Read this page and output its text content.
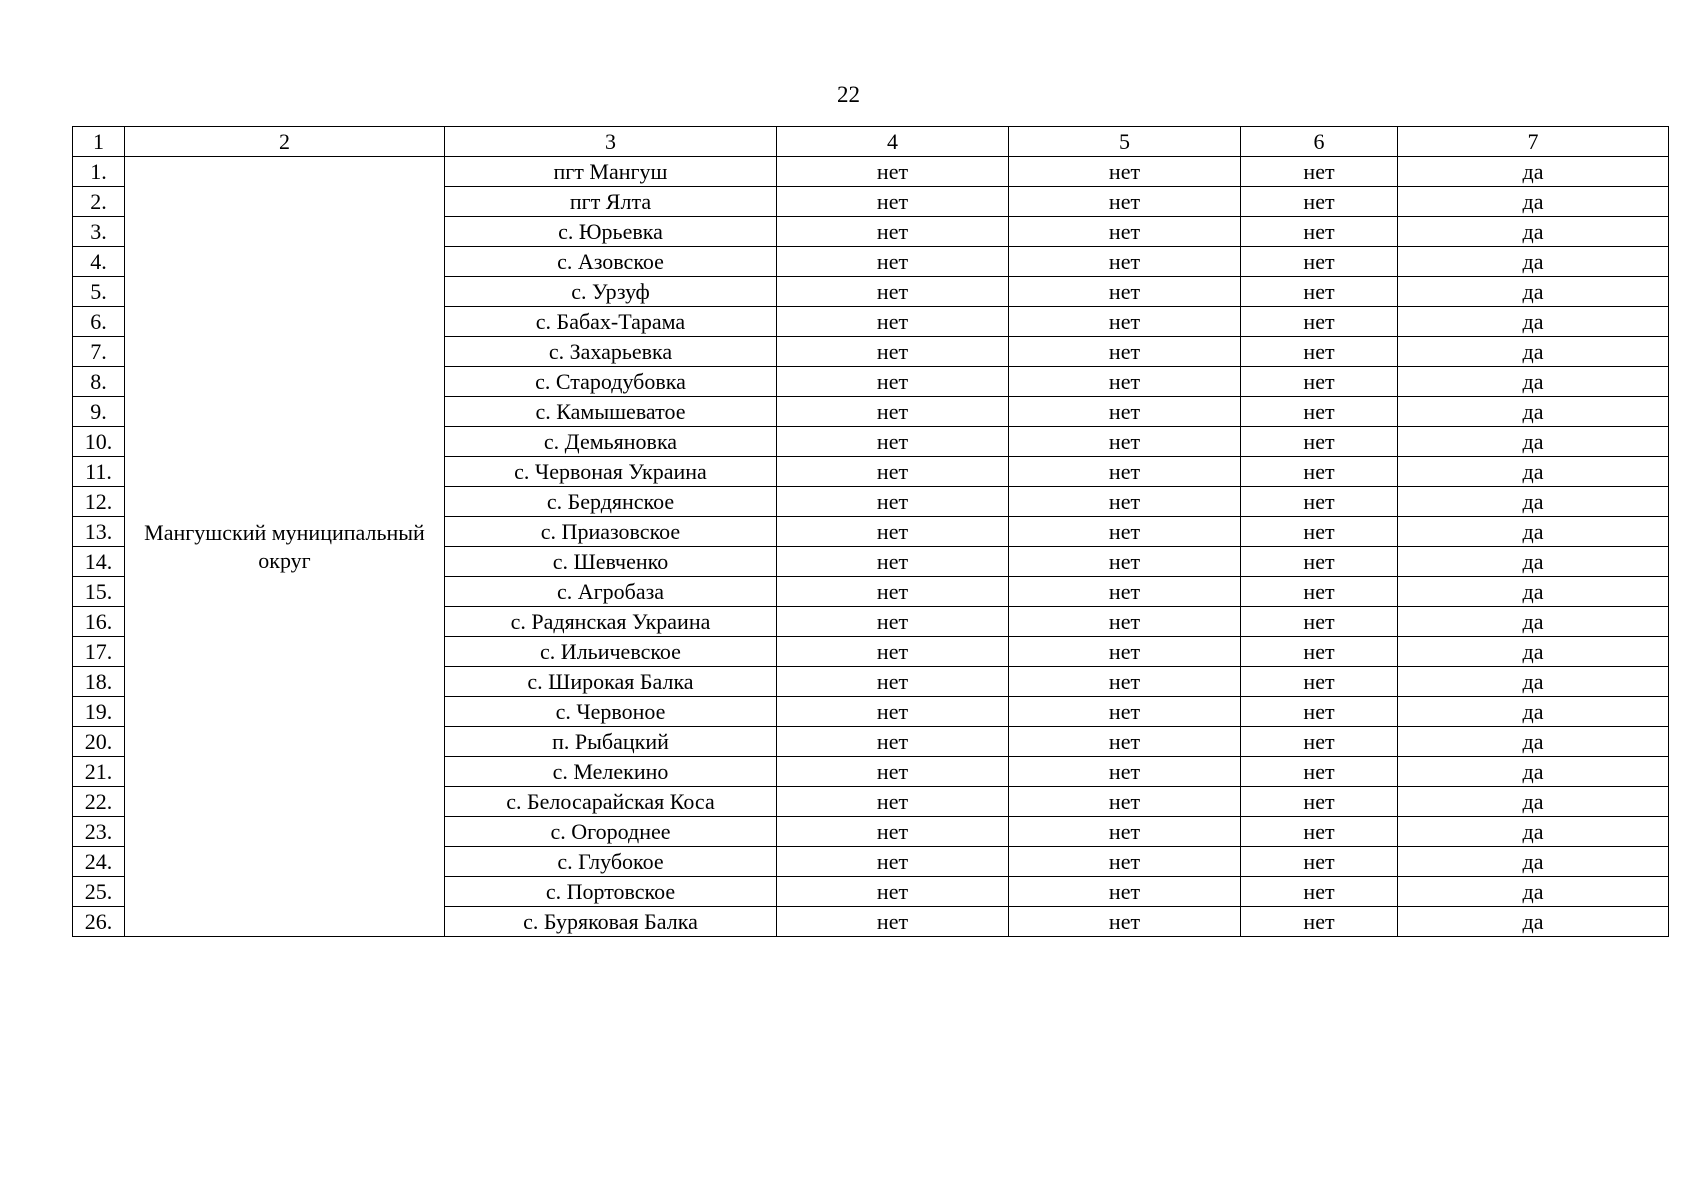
22
1	2	3	4	5	6	7
1.	Мангушский муниципальный округ	пгт Мангуш	нет	нет	нет	да
2.		пгт Ялта	нет	нет	нет	да
3.		с. Юрьевка	нет	нет	нет	да
4.		с. Азовское	нет	нет	нет	да
5.		с. Урзуф	нет	нет	нет	да
6.		с. Бабах-Тарама	нет	нет	нет	да
7.		с. Захарьевка	нет	нет	нет	да
8.		с. Стародубовка	нет	нет	нет	да
9.		с. Камышеватое	нет	нет	нет	да
10.		с. Демьяновка	нет	нет	нет	да
11.		с. Червоная Украина	нет	нет	нет	да
12.		с. Бердянское	нет	нет	нет	да
13.		с. Приазовское	нет	нет	нет	да
14.		с. Шевченко	нет	нет	нет	да
15.		с. Агробаза	нет	нет	нет	да
16.		с. Радянская Украина	нет	нет	нет	да
17.		с. Ильичевское	нет	нет	нет	да
18.		с. Широкая Балка	нет	нет	нет	да
19.		с. Червоное	нет	нет	нет	да
20.		п. Рыбацкий	нет	нет	нет	да
21.		с. Мелекино	нет	нет	нет	да
22.		с. Белосарайская Коса	нет	нет	нет	да
23.		с. Огороднее	нет	нет	нет	да
24.		с. Глубокое	нет	нет	нет	да
25.		с. Портовское	нет	нет	нет	да
26.		с. Буряковая Балка	нет	нет	нет	да
